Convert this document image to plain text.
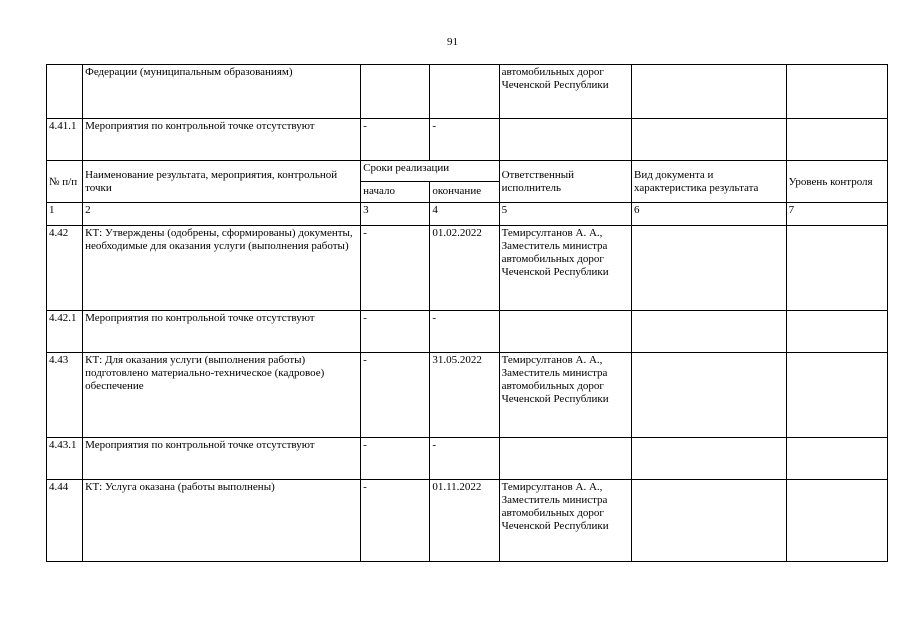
91
	Федерации (муниципальным образованиям)			автомобильных дорог Чеченской Республики		
4.41.1	Мероприятия по контрольной точке отсутствуют	-	-			
№ п/п	Наименование результата, мероприятия, контрольной точки	Сроки реализации		Ответственный исполнитель	Вид документа и характеристика результата	Уровень контроля
		начало	окончание			
1	2	3	4	5	6	7
4.42	КТ: Утверждены (одобрены, сформированы) документы, необходимые для оказания услуги (выполнения работы)	-	01.02.2022	Темирсултанов А. А., Заместитель министра автомобильных дорог Чеченской Республики		
4.42.1	Мероприятия по контрольной точке отсутствуют	-	-			
4.43	КТ: Для оказания услуги (выполнения работы) подготовлено материально-техническое (кадровое) обеспечение	-	31.05.2022	Темирсултанов А. А., Заместитель министра автомобильных дорог Чеченской Республики		
4.43.1	Мероприятия по контрольной точке отсутствуют	-	-			
4.44	КТ: Услуга оказана (работы выполнены)	-	01.11.2022	Темирсултанов А. А., Заместитель министра автомобильных дорог Чеченской Республики		
